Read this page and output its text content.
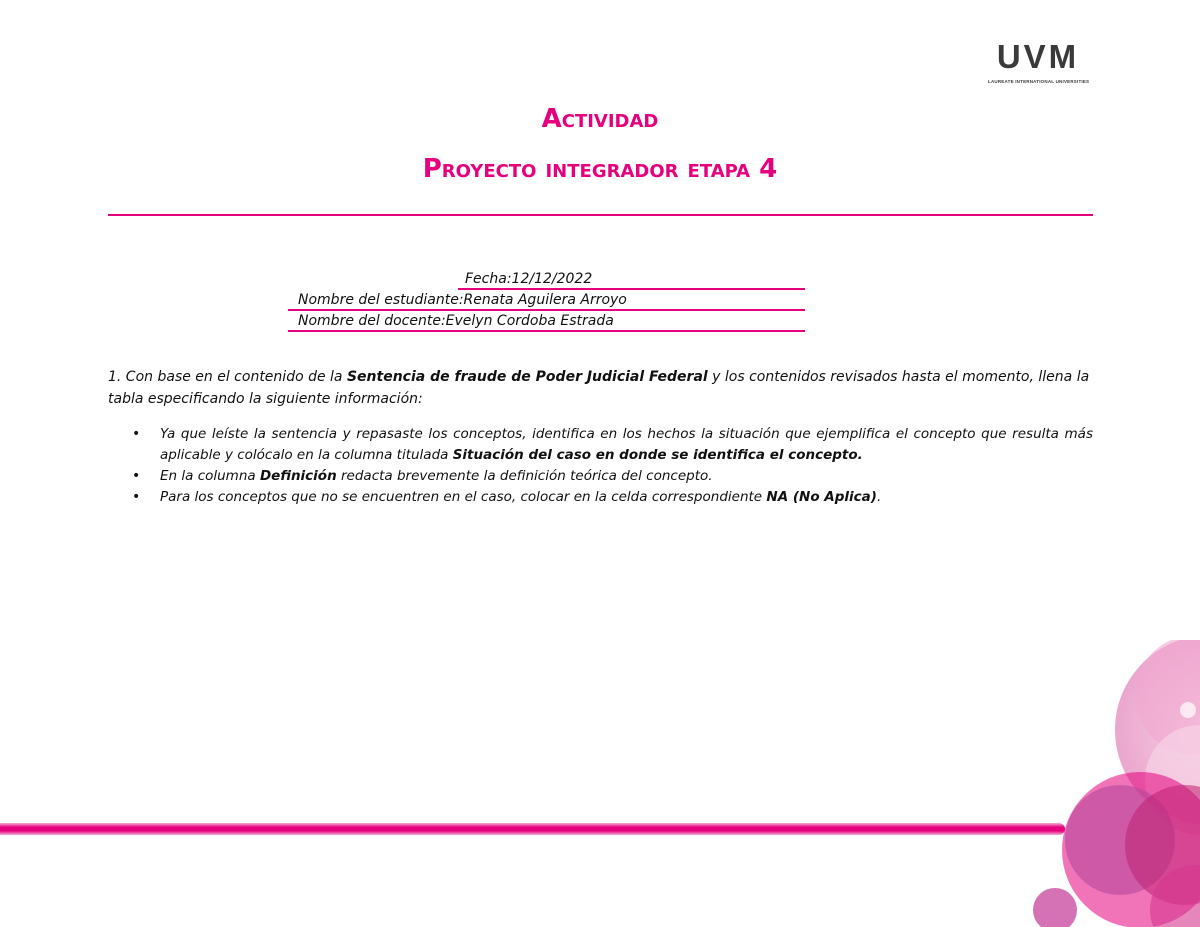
UVM
LAUREATE INTERNATIONAL UNIVERSITIES
Actividad
Proyecto integrador etapa 4
Fecha:12/12/2022
Nombre del estudiante:Renata Aguilera Arroyo
Nombre del docente:Evelyn Cordoba Estrada
1. Con base en el contenido de la Sentencia de fraude de Poder Judicial Federal y los contenidos revisados hasta el momento, llena la tabla especificando la siguiente información:
• Ya que leíste la sentencia y repasaste los conceptos, identifica en los hechos la situación que ejemplifica el concepto que resulta más aplicable y colócalo en la columna titulada Situación del caso en donde se identifica el concepto.
• En la columna Definición redacta brevemente la definición teórica del concepto.
• Para los conceptos que no se encuentren en el caso, colocar en la celda correspondiente NA (No Aplica).
